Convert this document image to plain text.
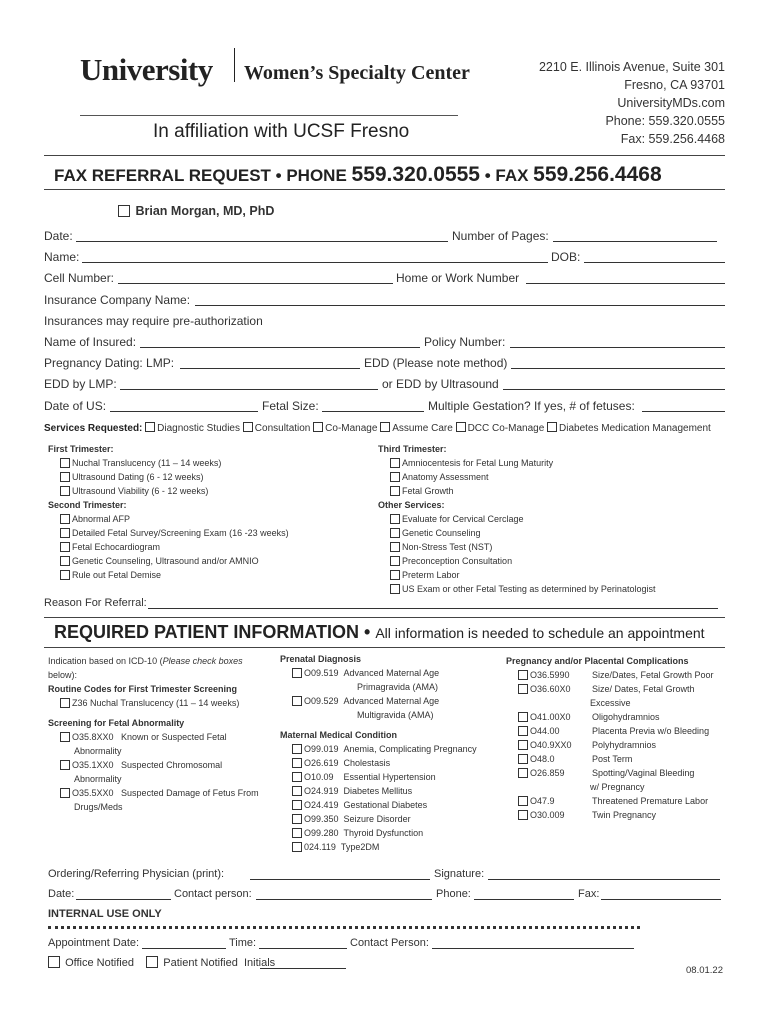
University Women’s Specialty Center
In affiliation with UCSF Fresno
2210 E. Illinois Avenue, Suite 301
Fresno, CA 93701
UniversityMDs.com
Phone: 559.320.0555
Fax: 559.256.4468
FAX REFERRAL REQUEST • PHONE 559.320.0555 • FAX 559.256.4468
Brian Morgan, MD, PhD
Date:	Number of Pages:
Name:	DOB:
Cell Number:	Home or Work Number
Insurance Company Name:
Insurances may require pre-authorization
Name of Insured:	Policy Number:
Pregnancy Dating: LMP:	EDD (Please note method)
EDD by LMP:	or EDD by Ultrasound
Date of US:	Fetal Size:	Multiple Gestation? If yes, # of fetuses:
Services Requested: Diagnostic Studies Consultation Co-Manage Assume Care DCC Co-Manage Diabetes Medication Management
First Trimester:
Nuchal Translucency (11 – 14 weeks)
Ultrasound Dating (6 - 12 weeks)
Ultrasound Viability (6 - 12 weeks)
Second Trimester:
Abnormal AFP
Detailed Fetal Survey/Screening Exam (16 -23 weeks)
Fetal Echocardiogram
Genetic Counseling, Ultrasound and/or AMNIO
Rule out Fetal Demise
Third Trimester:
Amniocentesis for Fetal Lung Maturity
Anatomy Assessment
Fetal Growth
Other Services:
Evaluate for Cervical Cerclage
Genetic Counseling
Non-Stress Test (NST)
Preconception Consultation
Preterm Labor
US Exam or other Fetal Testing as determined by Perinatologist
Reason For Referral:
REQUIRED PATIENT INFORMATION • All information is needed to schedule an appointment
Indication based on ICD-10 (Please check boxes
below):
Routine Codes for First Trimester Screening
Z36 Nuchal Translucency (11 – 14 weeks)
Screening for Fetal Abnormality
O35.8XX0 Known or Suspected Fetal
Abnormality
O35.1XX0 Suspected Chromosomal
Abnormality
O35.5XX0 Suspected Damage of Fetus From
Drugs/Meds
Prenatal Diagnosis
O09.519 Advanced Maternal Age
Primagravida (AMA)
O09.529 Advanced Maternal Age
Multigravida (AMA)
Maternal Medical Condition
O99.019 Anemia, Complicating Pregnancy
O26.619 Cholestasis
O10.09 Essential Hypertension
O24.919 Diabetes Mellitus
O24.419 Gestational Diabetes
O99.350 Seizure Disorder
O99.280 Thyroid Dysfunction
024.119 Type2DM
Pregnancy and/or Placental Complications
O36.5990 Size/Dates, Fetal Growth Poor
O36.60X0 Size/ Dates, Fetal Growth
Excessive
O41.00X0 Oligohydramnios
O44.00	Placenta Previa w/o Bleeding
O40.9XX0 Polyhydramnios
O48.0	Post Term
O26.859	Spotting/Vaginal Bleeding
w/ Pregnancy
O47.9	Threatened Premature Labor
O30.009	Twin Pregnancy
Ordering/Referring Physician (print):	Signature:
Date:	Contact person:	Phone:	Fax:
INTERNAL USE ONLY
Appointment Date:	Time:	Contact Person:
Office Notified	Patient Notified Initials
08.01.22
